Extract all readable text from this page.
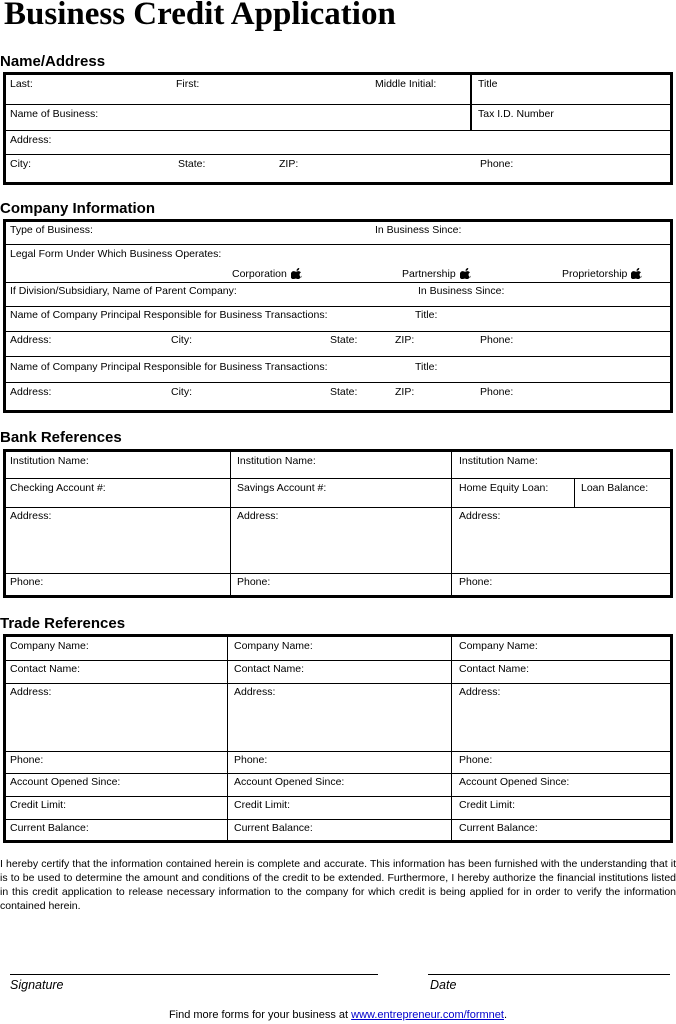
Business Credit Application
Name/Address
Last:	First:	Middle Initial:	Title
Name of Business:	Tax I.D. Number
Address:
City:	State:	ZIP:	Phone:
Company Information
Type of Business:	In Business Since:
Legal Form Under Which Business Operates:
Corporation	Partnership	Proprietorship
If Division/Subsidiary, Name of Parent Company:	In Business Since:
Name of Company Principal Responsible for Business Transactions:	Title:
Address:	City:	State:	ZIP:	Phone:
Name of Company Principal Responsible for Business Transactions:	Title:
Address:	City:	State:	ZIP:	Phone:
Bank References
Institution Name:	Institution Name:	Institution Name:
Checking Account #:	Savings Account #:	Home Equity Loan:	Loan Balance:
Address:	Address:	Address:
Phone:	Phone:	Phone:
Trade References
Company Name:	Company Name:	Company Name:
Contact Name:	Contact Name:	Contact Name:
Address:	Address:	Address:
Phone:	Phone:	Phone:
Account Opened Since:	Account Opened Since:	Account Opened Since:
Credit Limit:	Credit Limit:	Credit Limit:
Current Balance:	Current Balance:	Current Balance:
I hereby certify that the information contained herein is complete and accurate. This information has been furnished with the understanding that it is to be used to determine the amount and conditions of the credit to be extended. Furthermore, I hereby authorize the financial institutions listed in this credit application to release necessary information to the company for which credit is being applied for in order to verify the information contained herein.
Signature	Date
Find more forms for your business at www.entrepreneur.com/formnet.
